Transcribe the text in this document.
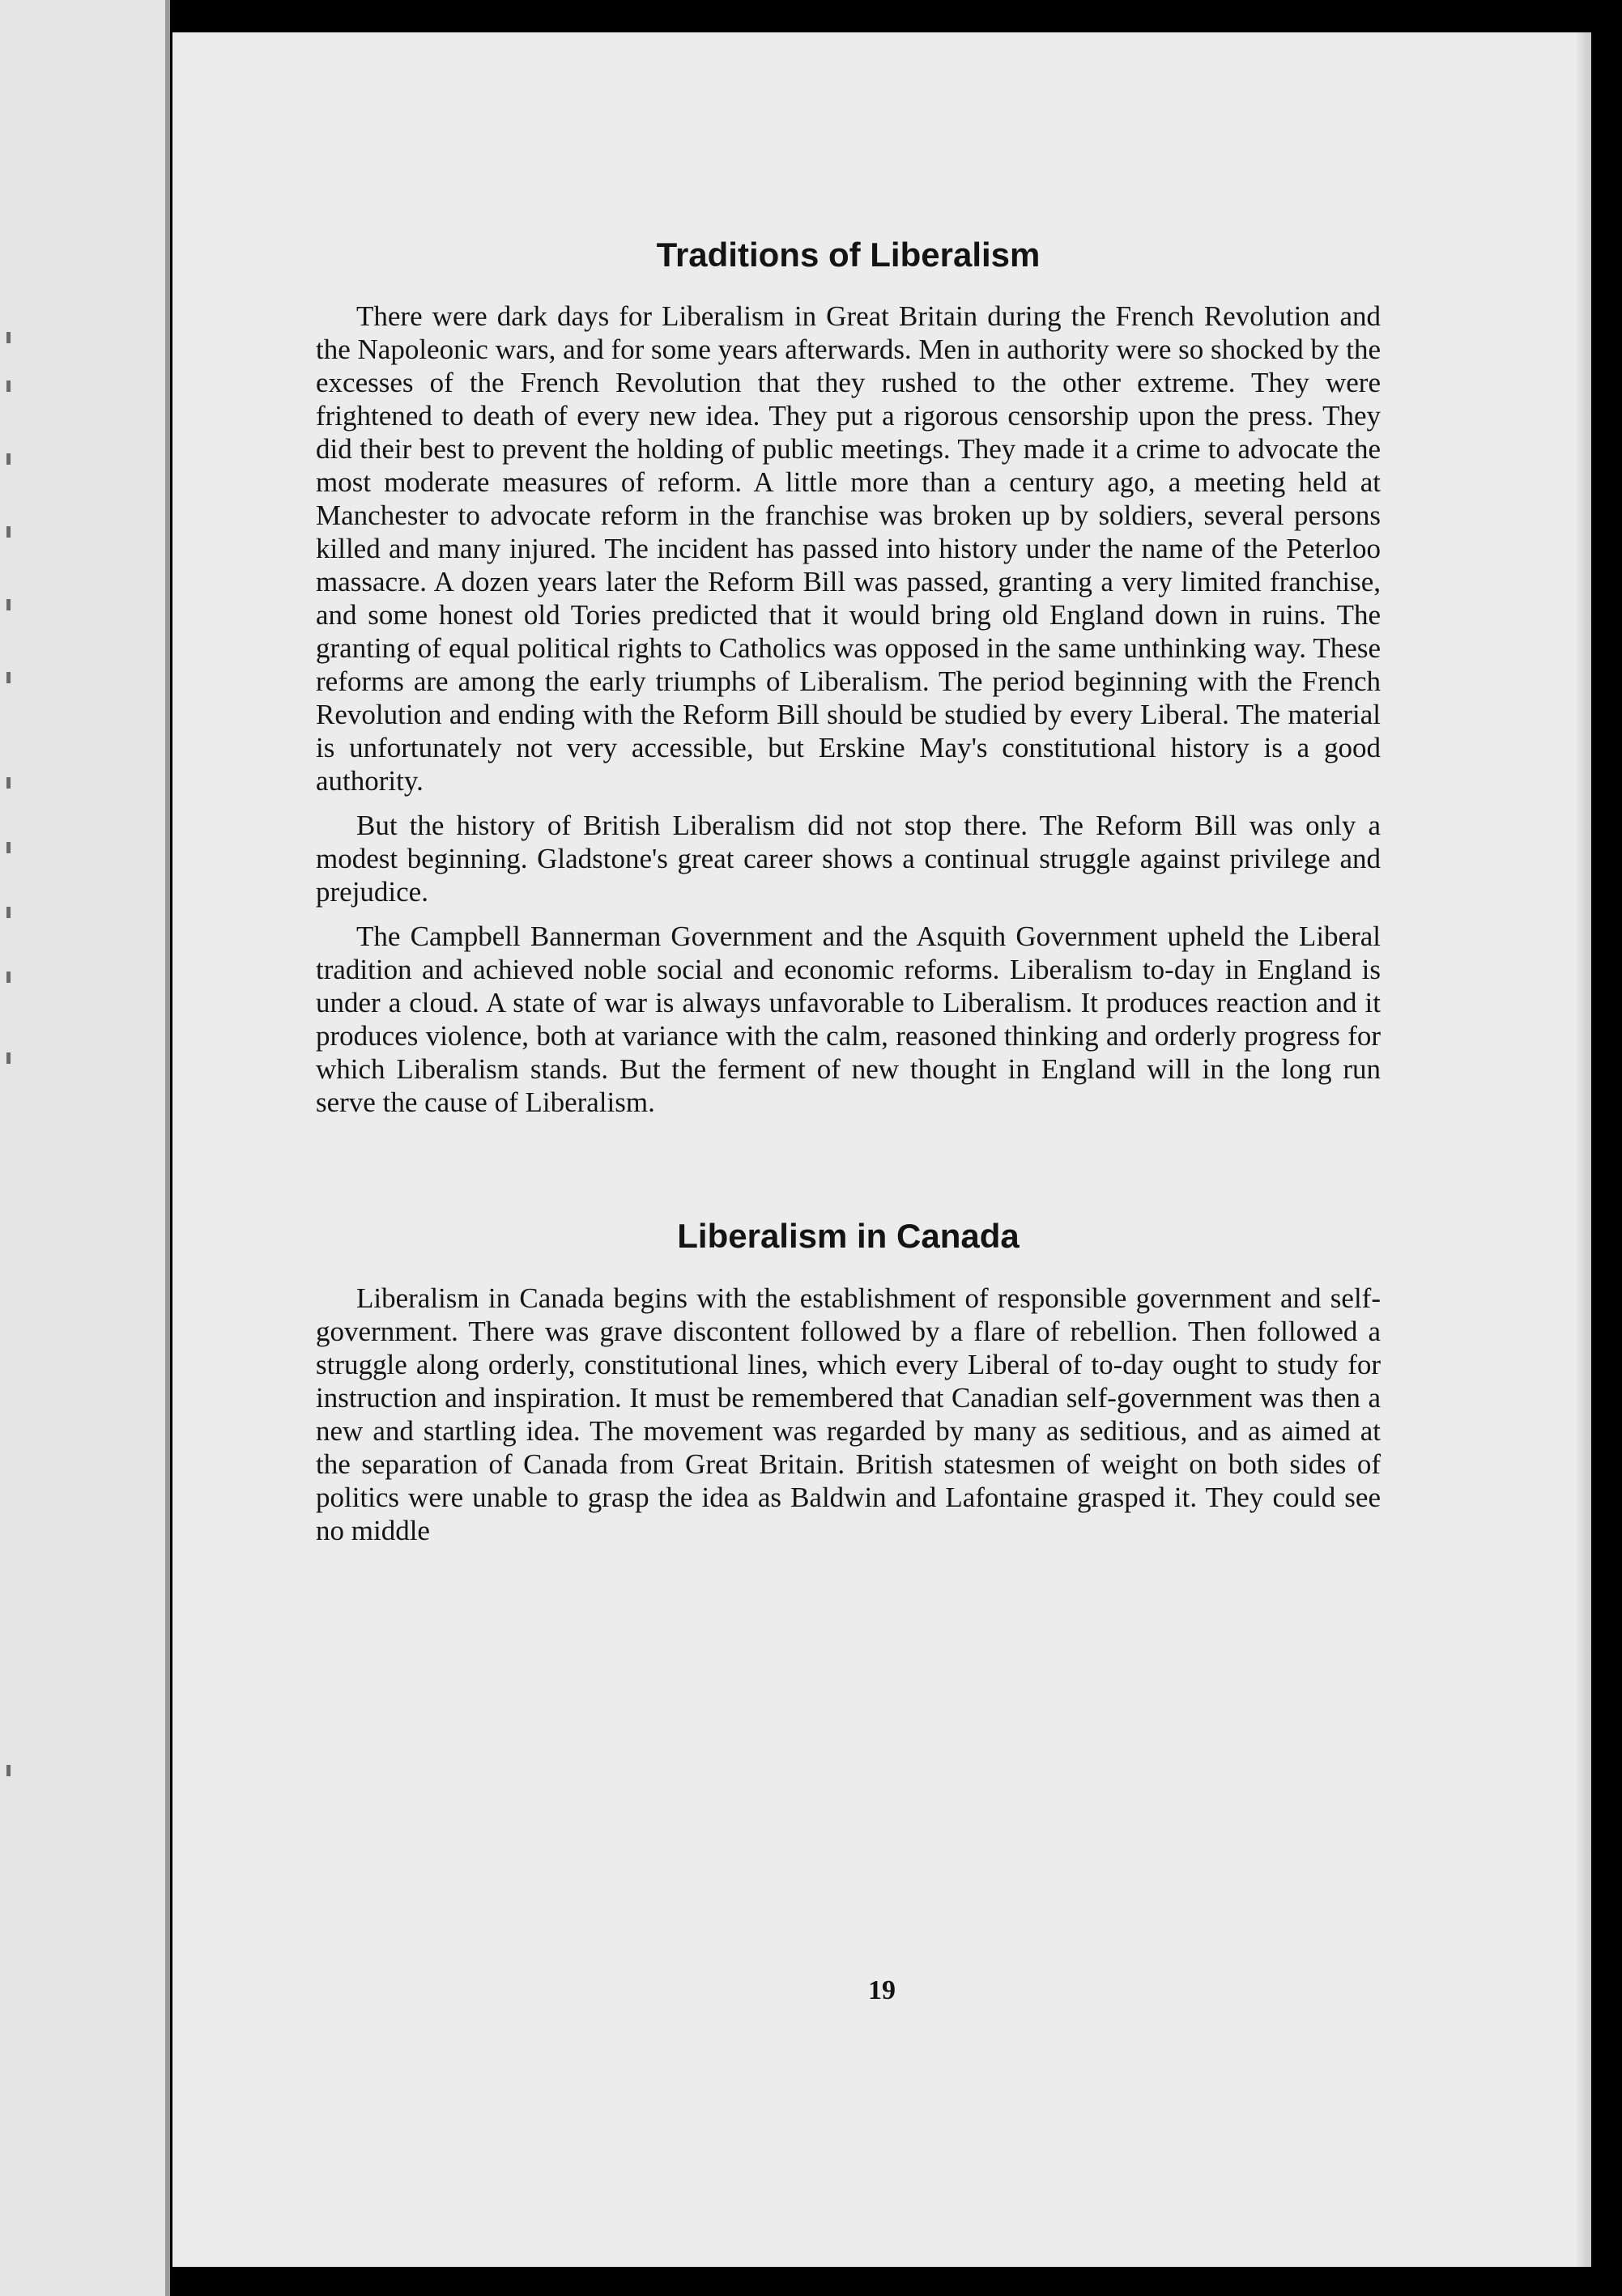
Traditions of Liberalism

There were dark days for Liberalism in Great Britain during the French Revolution and the Napoleonic wars, and for some years afterwards. Men in authority were so shocked by the excesses of the French Revolution that they rushed to the other extreme. They were frightened to death of every new idea. They put a rigorous censorship upon the press. They did their best to prevent the holding of public meetings. They made it a crime to advocate the most moderate measures of reform. A little more than a century ago, a meeting held at Manchester to advocate reform in the franchise was broken up by soldiers, several persons killed and many injured. The incident has passed into history under the name of the Peterloo massacre. A dozen years later the Reform Bill was passed, granting a very limited franchise, and some honest old Tories predicted that it would bring old England down in ruins. The granting of equal political rights to Catholics was opposed in the same unthinking way. These reforms are among the early triumphs of Liberalism. The period beginning with the French Revolution and ending with the Reform Bill should be studied by every Liberal. The material is unfortunately not very accessible, but Erskine May's constitutional history is a good authority.

But the history of British Liberalism did not stop there. The Reform Bill was only a modest beginning. Gladstone's great career shows a continual struggle against privilege and prejudice.

The Campbell Bannerman Government and the Asquith Government upheld the Liberal tradition and achieved noble social and economic reforms. Liberalism to-day in England is under a cloud. A state of war is always unfavorable to Liberalism. It produces reaction and it produces violence, both at variance with the calm, reasoned thinking and orderly progress for which Liberalism stands. But the ferment of new thought in England will in the long run serve the cause of Liberalism.

Liberalism in Canada

Liberalism in Canada begins with the establishment of responsible government and self-government. There was grave discontent followed by a flare of rebellion. Then followed a struggle along orderly, constitutional lines, which every Liberal of to-day ought to study for instruction and inspiration. It must be remembered that Canadian self-government was then a new and startling idea. The movement was regarded by many as seditious, and as aimed at the separation of Canada from Great Britain. British statesmen of weight on both sides of politics were unable to grasp the idea as Baldwin and Lafontaine grasped it. They could see no middle

19
